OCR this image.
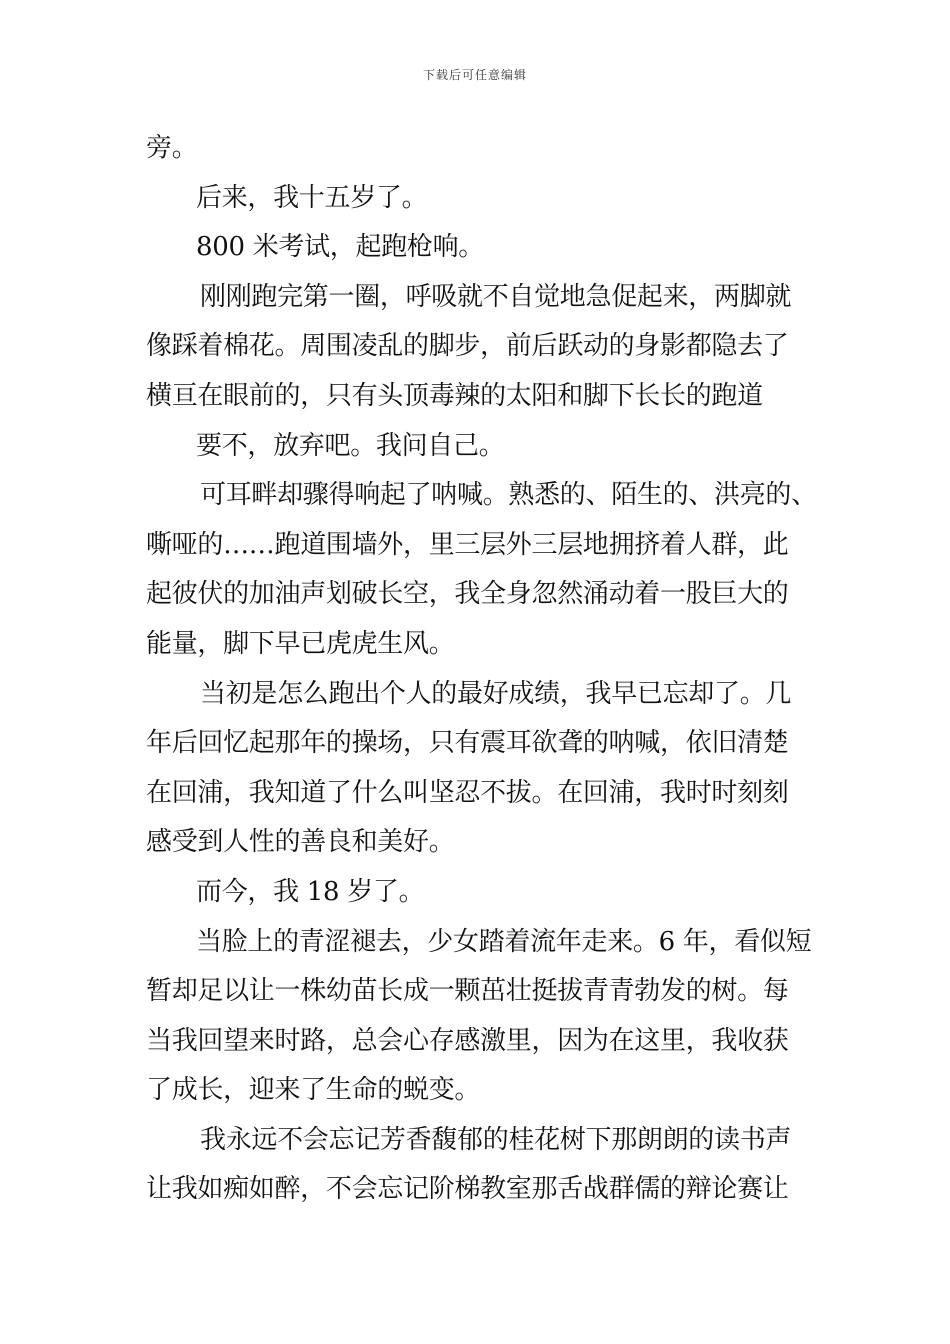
下载后可任意编辑
旁。
后来，我十五岁了。
800 米考试，起跑枪响。
刚刚跑完第一圈，呼吸就不自觉地急促起来，两脚就
像踩着棉花。周围凌乱的脚步，前后跃动的身影都隐去了
横亘在眼前的，只有头顶毒辣的太阳和脚下长长的跑道
要不，放弃吧。我问自己。
可耳畔却骤得响起了呐喊。熟悉的、陌生的、洪亮的、
嘶哑的……跑道围墙外，里三层外三层地拥挤着人群，此
起彼伏的加油声划破长空，我全身忽然涌动着一股巨大的
能量，脚下早已虎虎生风。
当初是怎么跑出个人的最好成绩，我早已忘却了。几
年后回忆起那年的操场，只有震耳欲聋的呐喊，依旧清楚
在回浦，我知道了什么叫坚忍不拔。在回浦，我时时刻刻
感受到人性的善良和美好。
而今，我 18 岁了。
当脸上的青涩褪去，少女踏着流年走来。6 年，看似短
暂却足以让一株幼苗长成一颗茁壮挺拔青青勃发的树。每
当我回望来时路，总会心存感激里，因为在这里，我收获
了成长，迎来了生命的蜕变。
我永远不会忘记芳香馥郁的桂花树下那朗朗的读书声
让我如痴如醉，不会忘记阶梯教室那舌战群儒的辩论赛让
